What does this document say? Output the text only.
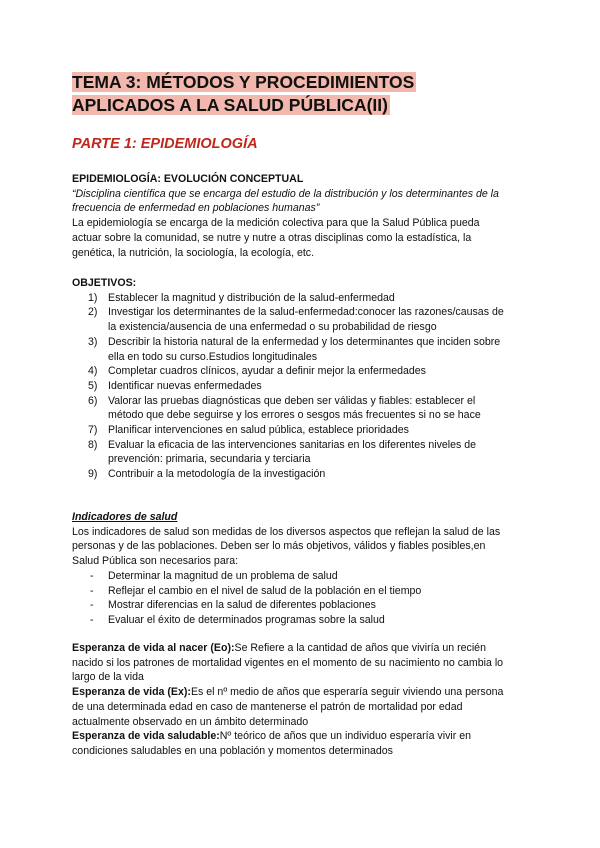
TEMA 3: MÉTODOS Y PROCEDIMIENTOS
APLICADOS A LA SALUD PÚBLICA(II)
PARTE 1: EPIDEMIOLOGÍA
EPIDEMIOLOGÍA: EVOLUCIÓN CONCEPTUAL
“Disciplina científica que se encarga del estudio de la distribución y los determinantes de la
frecuencia de enfermedad en poblaciones humanas”
La epidemiología se encarga de la medición colectiva para que la Salud Pública pueda
actuar sobre la comunidad, se nutre y nutre a otras disciplinas como la estadística, la
genética, la nutrición, la sociología, la ecología, etc.
OBJETIVOS:
1) Establecer la magnitud y distribución de la salud-enfermedad
2) Investigar los determinantes de la salud-enfermedad:conocer las razones/causas de
la existencia/ausencia de una enfermedad o su probabilidad de riesgo
3) Describir la historia natural de la enfermedad y los determinantes que inciden sobre
ella en todo su curso.Estudios longitudinales
4) Completar cuadros clínicos, ayudar a definir mejor la enfermedades
5) Identificar nuevas enfermedades
6) Valorar las pruebas diagnósticas que deben ser válidas y fiables: establecer el
método que debe seguirse y los errores o sesgos más frecuentes si no se hace
7) Planificar intervenciones en salud pública, establece prioridades
8) Evaluar la eficacia de las intervenciones sanitarias en los diferentes niveles de
prevención: primaria, secundaria y terciaria
9) Contribuir a la metodología de la investigación
Indicadores de salud
Los indicadores de salud son medidas de los diversos aspectos que reflejan la salud de las
personas y de las poblaciones. Deben ser lo más objetivos, válidos y fiables posibles,en
Salud Pública son necesarios para:
- Determinar la magnitud de un problema de salud
- Reflejar el cambio en el nivel de salud de la población en el tiempo
- Mostrar diferencias en la salud de diferentes poblaciones
- Evaluar el éxito de determinados programas sobre la salud
Esperanza de vida al nacer (Eo):Se Refiere a la cantidad de años que viviría un recién
nacido si los patrones de mortalidad vigentes en el momento de su nacimiento no cambia lo
largo de la vida
Esperanza de vida (Ex):Es el nº medio de años que esperaría seguir viviendo una persona
de una determinada edad en caso de mantenerse el patrón de mortalidad por edad
actualmente observado en un ámbito determinado
Esperanza de vida saludable:Nº teórico de años que un individuo esperaría vivir en
condiciones saludables en una población y momentos determinados
